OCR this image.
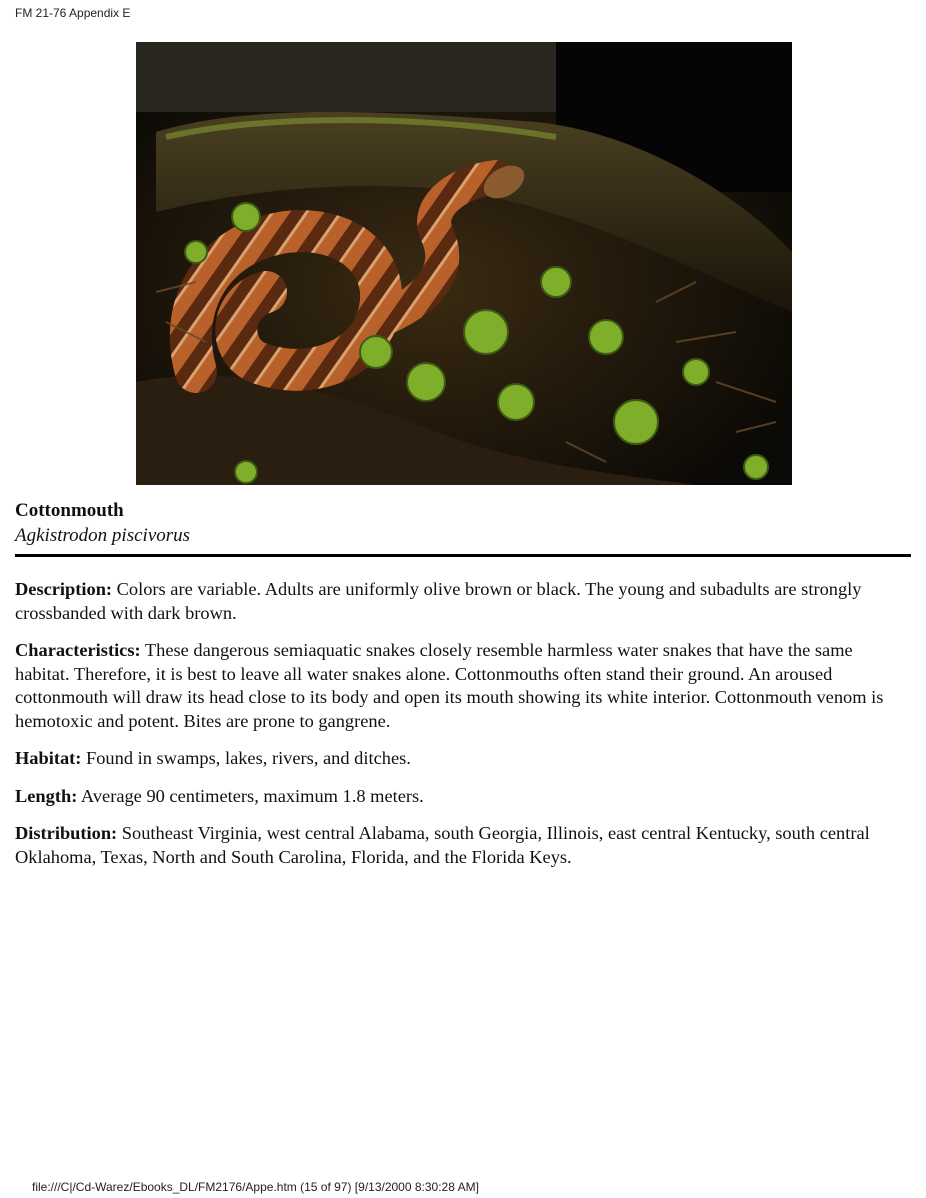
FM 21-76 Appendix E
Cottonmouth
Agkistrodon piscivorus

Description: Colors are variable. Adults are uniformly olive brown or black. The young and subadults are strongly crossbanded with dark brown.

Characteristics: These dangerous semiaquatic snakes closely resemble harmless water snakes that have the same habitat. Therefore, it is best to leave all water snakes alone. Cottonmouths often stand their ground. An aroused cottonmouth will draw its head close to its body and open its mouth showing its white interior. Cottonmouth venom is hemotoxic and potent. Bites are prone to gangrene.

Habitat: Found in swamps, lakes, rivers, and ditches.

Length: Average 90 centimeters, maximum 1.8 meters.

Distribution: Southeast Virginia, west central Alabama, south Georgia, Illinois, east central Kentucky, south central Oklahoma, Texas, North and South Carolina, Florida, and the Florida Keys.

file:///C|/Cd-Warez/Ebooks_DL/FM2176/Appe.htm (15 of 97) [9/13/2000 8:30:28 AM]
